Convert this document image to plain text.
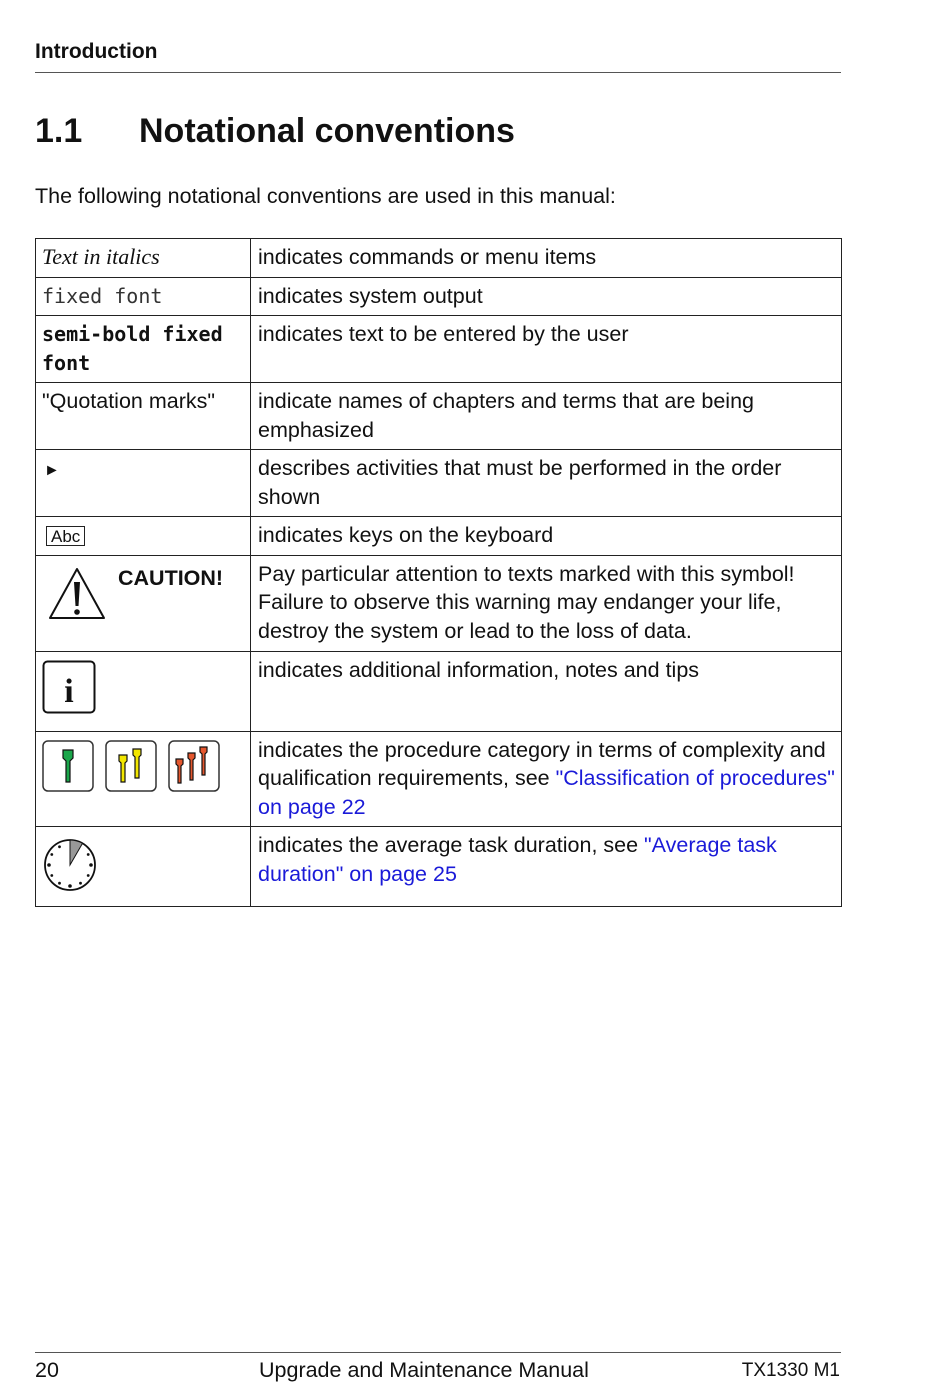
Introduction
1.1 Notational conventions
The following notational conventions are used in this manual:
Text in italics	indicates commands or menu items
fixed font	indicates system output

semi-bold fixed
font	indicates text to be entered by the user
"Quotation marks"	indicate names of chapters and terms that are being emphasized
►	describes activities that must be performed in the order shown
Abc	indicates keys on the keyboard

CAUTION!	Pay particular attention to texts marked with this symbol! Failure to observe this warning may endanger your life, destroy the system or lead to the loss of data.

i	indicates additional information, notes and tips

	indicates the procedure category in terms of complexity and qualification requirements, see "Classification of procedures" on page 22
	indicates the average task duration, see "Average task duration" on page 25
20	Upgrade and Maintenance Manual	TX1330 M1
